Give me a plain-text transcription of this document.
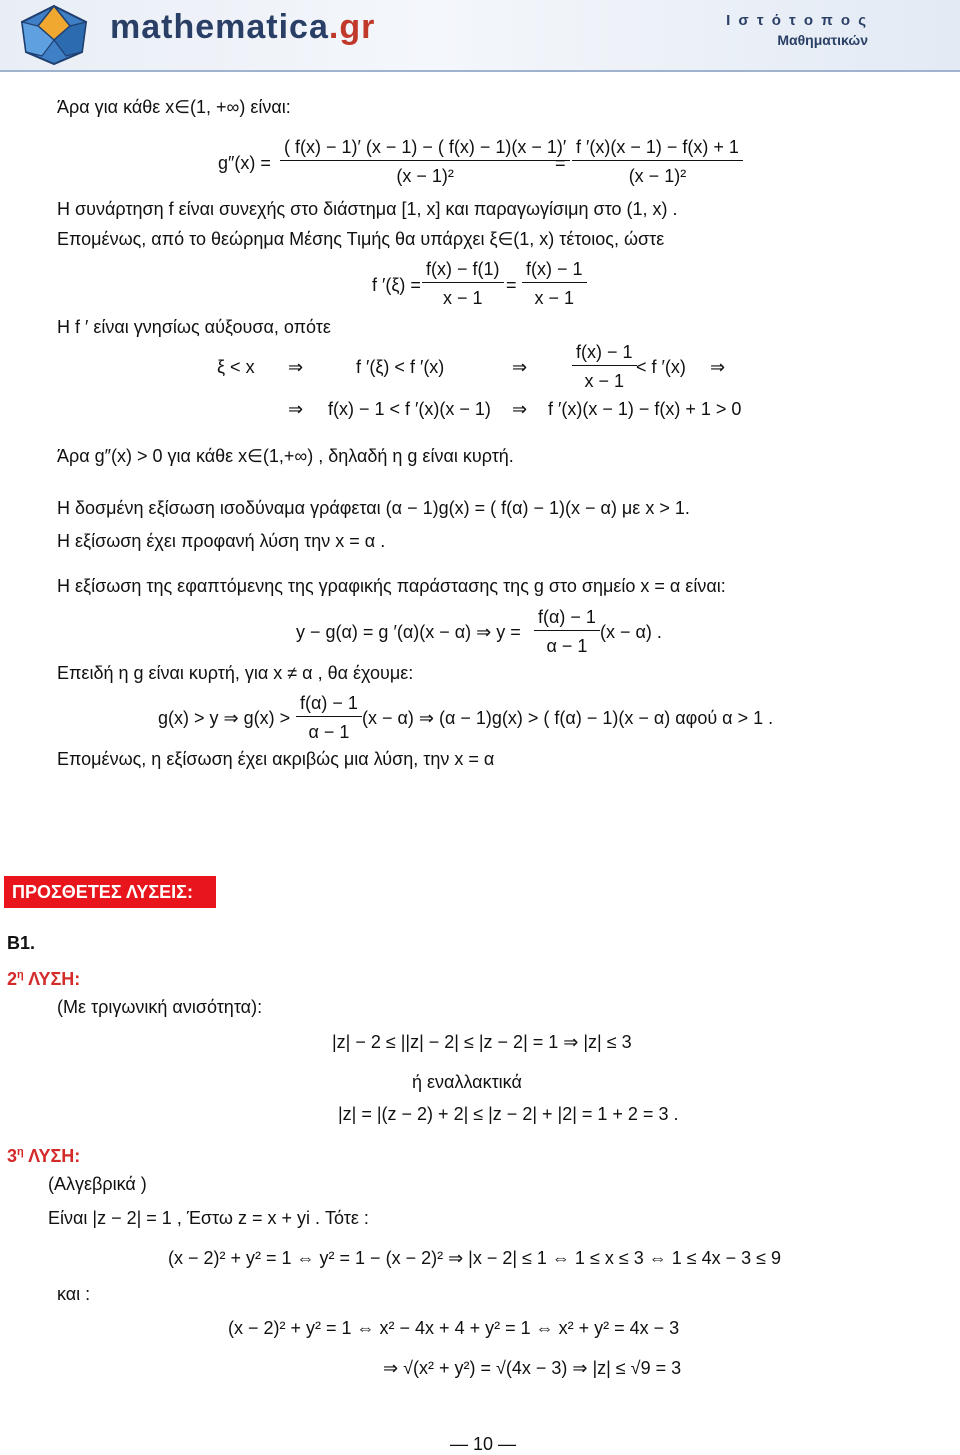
mathematica.gr	Ι σ τ ό τ ο π ο ς
Μαθηματικών
Άρα για κάθε x∈(1, +∞) είναι:
$g''(x) = \frac{( f(x) - 1)' (x - 1) - ( f(x) - 1)(x - 1)'}{\text{(x − 1)²}}$
= $\frac{f '(x)(x - 1) - f(x) + 1}{\text{(x − 1)²}}$
Η συνάρτηση f είναι συνεχής στο διάστημα [1, x] και παραγωγίσιμη στο (1, x) .
Επομένως, από το θεώρημα Μέσης Τιμής θα υπάρχει ξ∈(1, x) τέτοιος, ώστε
f $'(\xi) = \frac{f(x) - f(1)}{x - 1} = \frac{f(x) - 1}{x - 1}$
Η f ′ είναι γνησίως αύξουσα, οπότε
ξ < x ⇒	f ′(ξ) < f ′(x)	⇒ $\frac{f(x) - 1}{x - 1} < f$ ′(x) ⇒
⇒ f(x) − 1 < f ′(x)(x − 1) ⇒ f ′(x)(x − 1) − f(x) + 1 > 0
Άρα g″(x) > 0 για κάθε x∈(1,+∞) , δηλαδή η g είναι κυρτή.
Η δοσμένη εξίσωση ισοδύναμα γράφεται (α − 1)g(x) = ( f(α) − 1)(x − α) με x > 1.
Η εξίσωση έχει προφανή λύση την x = α .
Η εξίσωση της εφαπτόμενης της γραφικής παράστασης της g στο σημείο x = α είναι:
y − g(α) = g ′(α)(x − α) ⇒ $y = \frac{f(\alpha) - 1}{\alpha - 1} (x - \alpha)$ .
Επειδή η g είναι κυρτή, για x ≠ α , θα έχουμε:
g(x) > y ⇒ $g(x) > \frac{f(\alpha) - 1}{\alpha - 1} (x - \alpha)$ ⇒ (α − 1)g(x) > ( f(α) − 1)(x − α) αφού α > 1 .
Επομένως, η εξίσωση έχει ακριβώς μια λύση, την x = α
ΠΡΟΣΘΕΤΕΣ ΛΥΣΕΙΣ:
Β1.
$2^\eta$ ΛΥΣΗ:
(Με τριγωνική ανισότητα):
|z| − 2 ≤ ||z| − 2| ≤ |z − 2| = 1 ⇒ |z| ≤ 3
ή εναλλακτικά
|z| = |(z − 2) + 2| ≤ |z − 2| + |2| = 1 + 2 = 3 .
$3^\eta$ ΛΥΣΗ:
(Αλγεβρικά )
Είναι |z − 2| = 1 , Έστω z = x + yi . Τότε :
(x − 2)² + y² = 1 ⇔ y² = 1 − (x − 2)² ⇒ |x − 2| ≤ 1 ⇔ 1 ≤ x ≤ 3 ⇔ 1 ≤ 4x − 3 ≤ 9
και :
(x − 2)² + y² = 1 ⇔ x² − 4x + 4 + y² = 1 ⇔ x² + y² = 4x − 3
⇒ √(x² + y²) = √(4x − 3) ⇒ |z| ≤ √9 = 3
— 10 —
